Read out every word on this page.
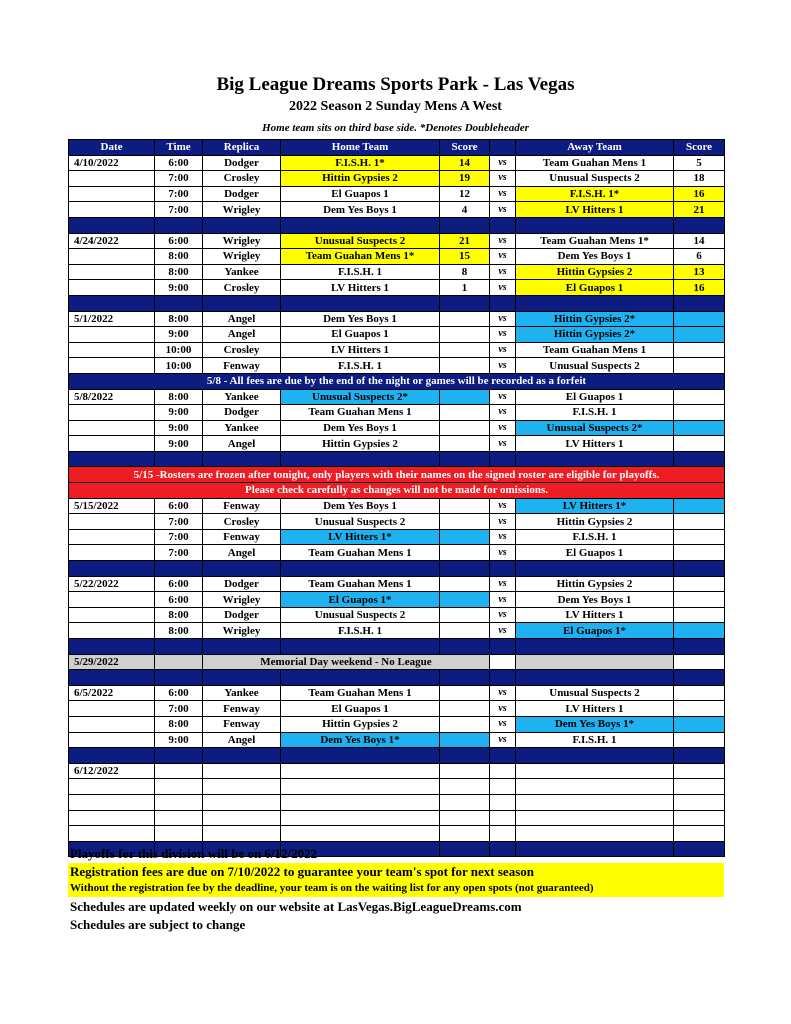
Big League Dreams Sports Park - Las Vegas
2022 Season 2 Sunday Mens A West
Home team sits on third base side. *Denotes Doubleheader
Date	Time	Replica	Home Team	Score		Away Team	Score
4/10/2022	6:00	Dodger	F.I.S.H. 1*	14	vs	Team Guahan Mens 1	5
	7:00	Crosley	Hittin Gypsies 2	19	vs	Unusual Suspects 2	18
	7:00	Dodger	El Guapos 1	12	vs	F.I.S.H. 1*	16
	7:00	Wrigley	Dem Yes Boys 1	4	vs	LV Hitters 1	21

4/24/2022	6:00	Wrigley	Unusual Suspects 2	21	vs	Team Guahan Mens 1*	14
	8:00	Wrigley	Team Guahan Mens 1*	15	vs	Dem Yes Boys 1	6
	8:00	Yankee	F.I.S.H. 1	8	vs	Hittin Gypsies 2	13
	9:00	Crosley	LV Hitters 1	1	vs	El Guapos 1	16

5/1/2022	8:00	Angel	Dem Yes Boys 1		vs	Hittin Gypsies 2*	
	9:00	Angel	El Guapos 1		vs	Hittin Gypsies 2*	
	10:00	Crosley	LV Hitters 1		vs	Team Guahan Mens 1	
	10:00	Fenway	F.I.S.H. 1		vs	Unusual Suspects 2	
5/8 - All fees are due by the end of the night or games will be recorded as a forfeit							
5/8/2022	8:00	Yankee	Unusual Suspects 2*		vs	El Guapos 1	
	9:00	Dodger	Team Guahan Mens 1		vs	F.I.S.H. 1	
	9:00	Yankee	Dem Yes Boys 1		vs	Unusual Suspects 2*	
	9:00	Angel	Hittin Gypsies 2		vs	LV Hitters 1	

5/15 -Rosters are frozen after tonight, only players with their names on the signed roster are eligible for playoffs.							
Please check carefully as changes will not be made for omissions.							
5/15/2022	6:00	Fenway	Dem Yes Boys 1		vs	LV Hitters 1*	
	7:00	Crosley	Unusual Suspects 2		vs	Hittin Gypsies 2	
	7:00	Fenway	LV Hitters 1*		vs	F.I.S.H. 1	
	7:00	Angel	Team Guahan Mens 1		vs	El Guapos 1	

5/22/2022	6:00	Dodger	Team Guahan Mens 1		vs	Hittin Gypsies 2	
	6:00	Wrigley	El Guapos 1*		vs	Dem Yes Boys 1	
	8:00	Dodger	Unusual Suspects 2		vs	LV Hitters 1	
	8:00	Wrigley	F.I.S.H. 1		vs	El Guapos 1*	

5/29/2022		Memorial Day weekend - No League					

6/5/2022	6:00	Yankee	Team Guahan Mens 1		vs	Unusual Suspects 2	
	7:00	Fenway	El Guapos 1		vs	LV Hitters 1	
	8:00	Fenway	Hittin Gypsies 2		vs	Dem Yes Boys 1*	
	9:00	Angel	Dem Yes Boys 1*		vs	F.I.S.H. 1	

6/12/2022							

Playoffs for this division will be on 6/12/2022
Registration fees are due on 7/10/2022 to guarantee your team's spot for next season
Without the registration fee by the deadline, your team is on the waiting list for any open spots (not guaranteed)
Schedules are updated weekly on our website at LasVegas.BigLeagueDreams.com
Schedules are subject to change
